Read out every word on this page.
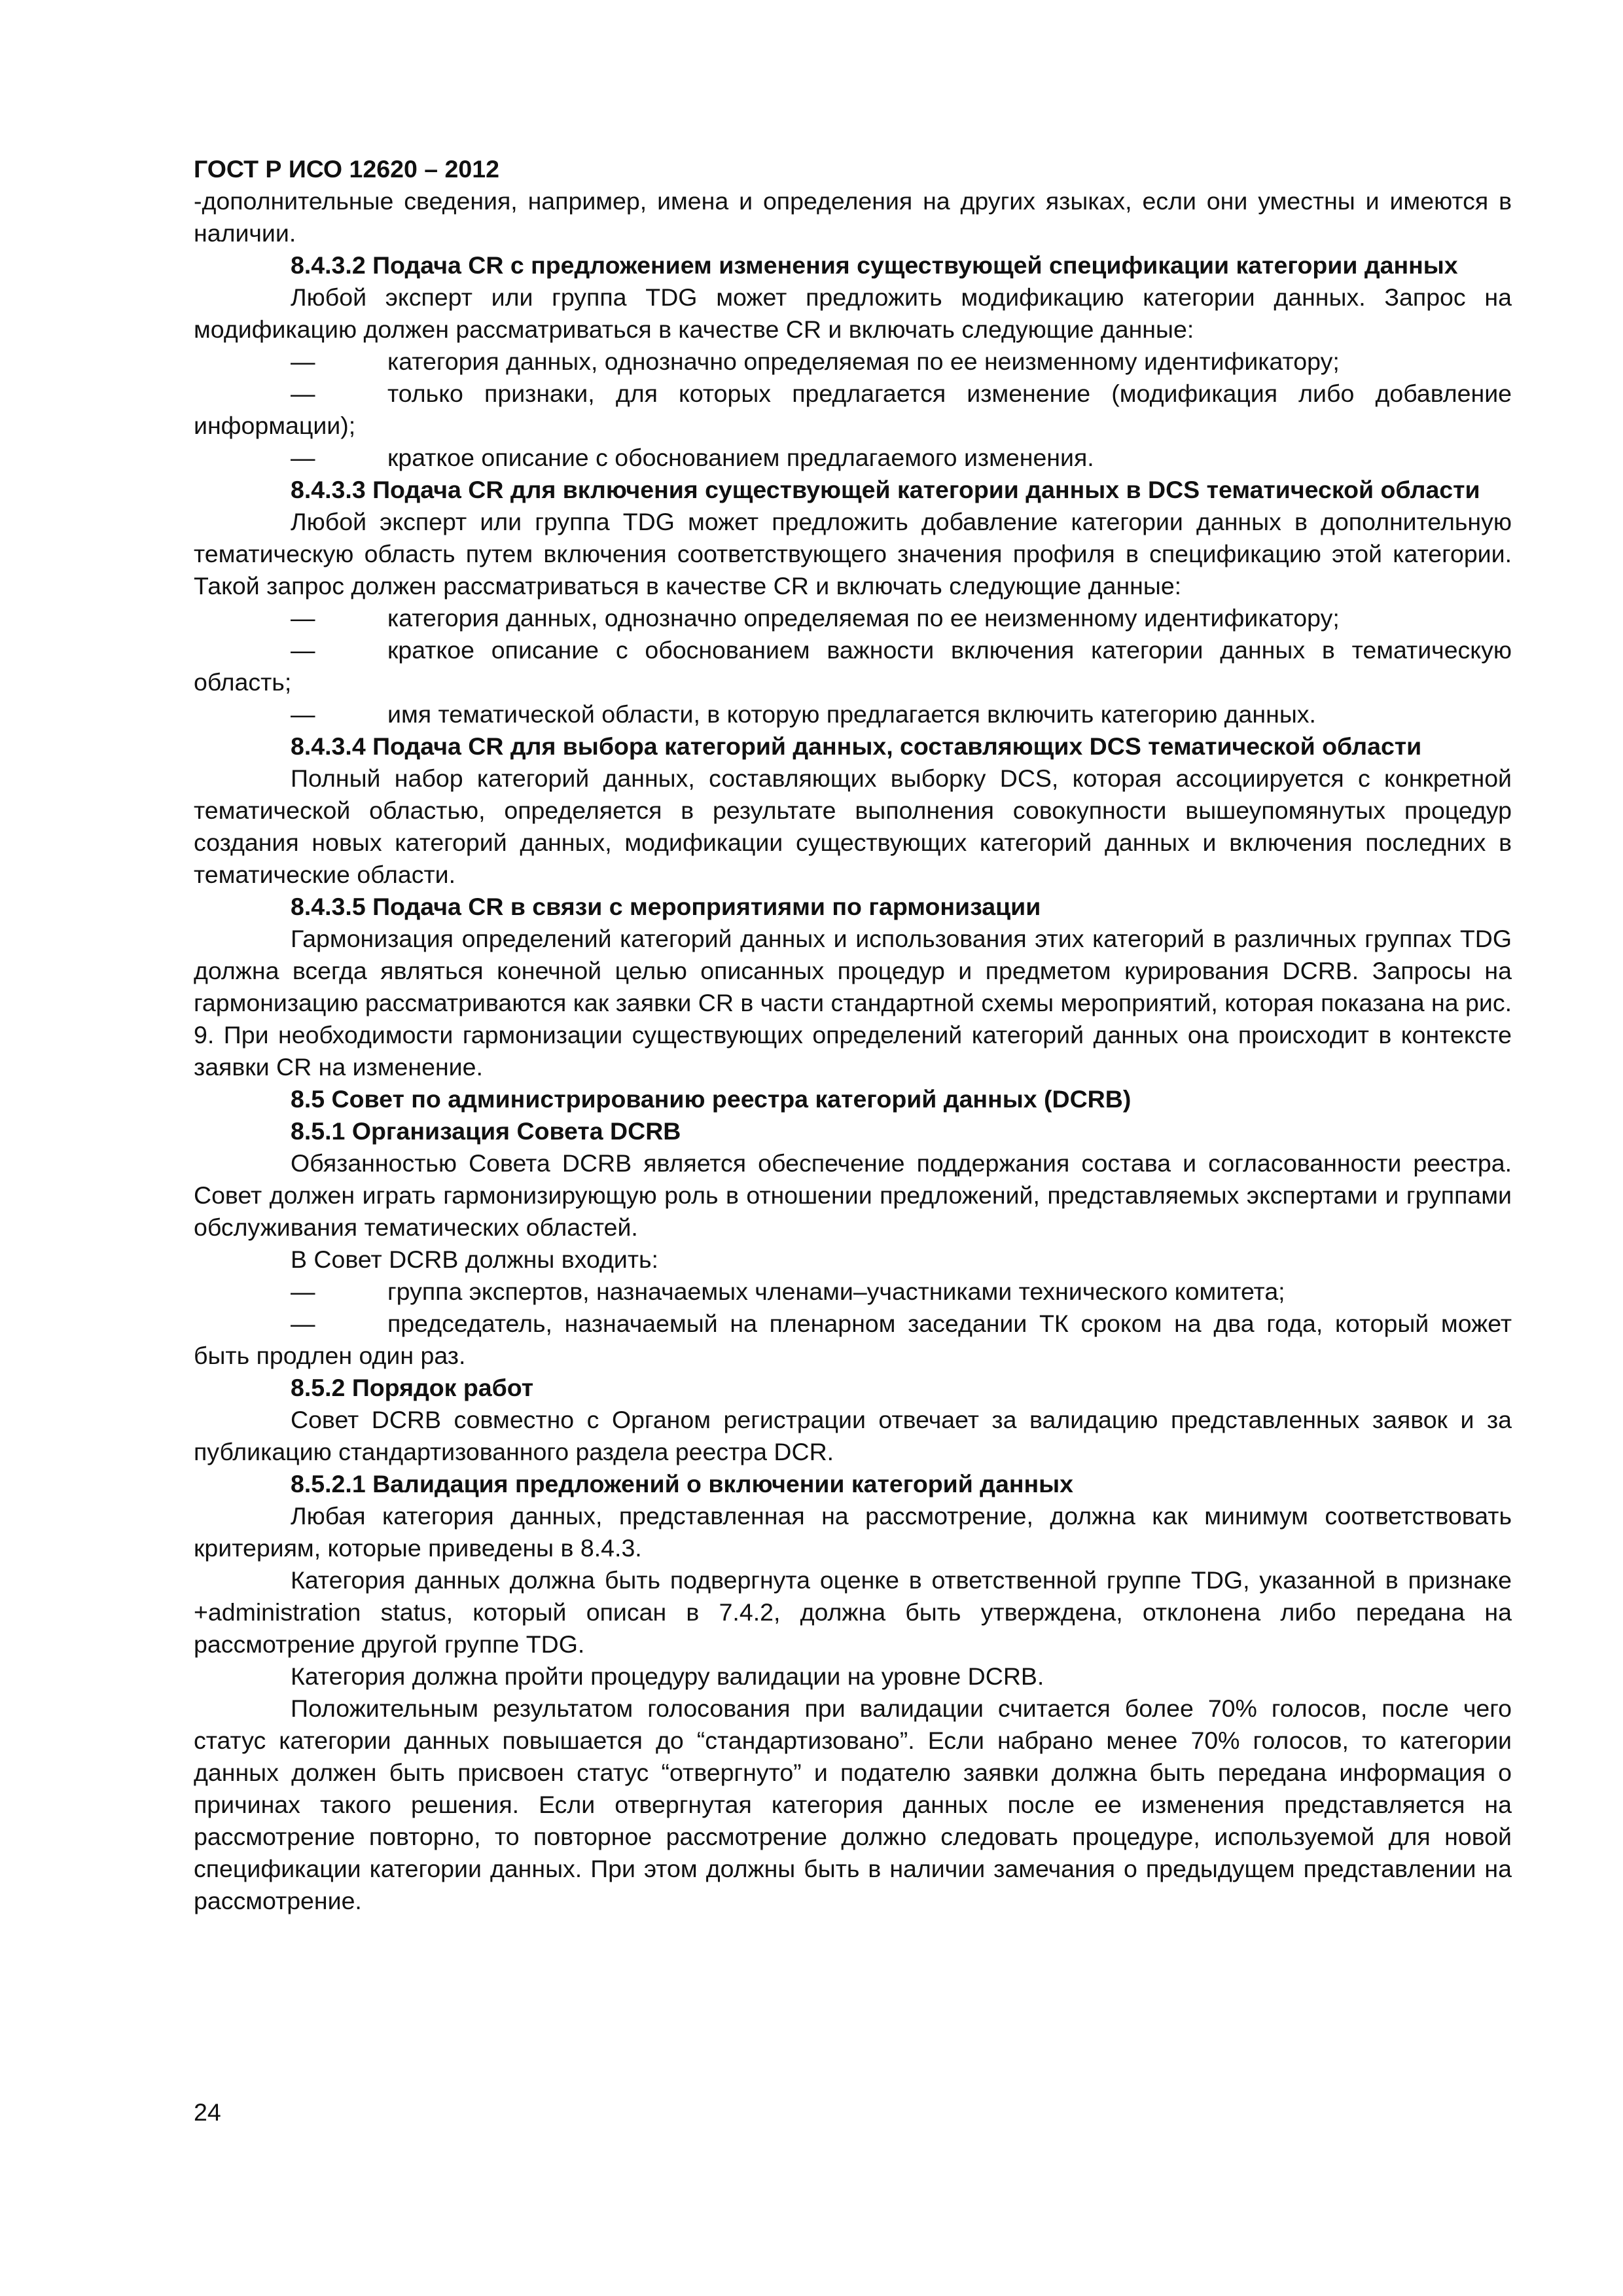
ГОСТ Р ИСО 12620 – 2012

-дополнительные сведения, например, имена и определения на других языках, если они уместны и имеются в наличии.

8.4.3.2 Подача CR с предложением изменения существующей спецификации категории данных

Любой эксперт или группа TDG может предложить модификацию категории данных. Запрос на модификацию должен рассматриваться в качестве CR и включать следующие данные:

—	категория данных, однозначно определяемая по ее неизменному идентификатору;

—	только признаки, для которых предлагается изменение (модификация либо добавление информации);

—	краткое описание с обоснованием предлагаемого изменения.

8.4.3.3 Подача CR для включения существующей категории данных в DCS тематической области

Любой эксперт или группа TDG может предложить добавление категории данных в дополнительную тематическую область путем включения соответствующего значения профиля в спецификацию этой категории. Такой запрос должен рассматриваться в качестве CR и включать следующие данные:

—	категория данных, однозначно определяемая по ее неизменному идентификатору;

—	краткое описание с обоснованием важности включения категории данных в тематическую область;

—	имя тематической области, в которую предлагается включить категорию данных.

8.4.3.4 Подача CR для выбора категорий данных, составляющих DCS тематической области

Полный набор категорий данных, составляющих выборку DCS, которая ассоциируется с конкретной тематической областью, определяется в результате выполнения совокупности вышеупомянутых процедур создания новых категорий данных, модификации существующих категорий данных и включения последних в тематические области.

8.4.3.5 Подача CR в связи с мероприятиями по гармонизации

Гармонизация определений категорий данных и использования этих категорий в различных группах TDG должна всегда являться конечной целью описанных процедур и предметом курирования DCRB. Запросы на гармонизацию рассматриваются как заявки CR в части стандартной схемы мероприятий, которая показана на рис. 9. При необходимости гармонизации существующих определений категорий данных она происходит в контексте заявки CR на изменение.

8.5 Совет по администрированию реестра категорий данных (DCRB)

8.5.1 Организация Совета DCRB

Обязанностью Совета DCRB является обеспечение поддержания состава и согласованности реестра. Совет должен играть гармонизирующую роль в отношении предложений, представляемых экспертами и группами обслуживания тематических областей.

В Совет DCRB должны входить:

—	группа экспертов, назначаемых членами–участниками технического комитета;

—	председатель, назначаемый на пленарном заседании ТК сроком на два года, который может быть продлен один раз.

8.5.2 Порядок работ

Совет DCRB совместно с Органом регистрации отвечает за валидацию представленных заявок и за публикацию стандартизованного раздела реестра DCR.

8.5.2.1 Валидация предложений о включении категорий данных

Любая категория данных, представленная на рассмотрение, должна как минимум соответствовать критериям, которые приведены в 8.4.3.

Категория данных должна быть подвергнута оценке в ответственной группе TDG, указанной в признаке +administration status, который описан в 7.4.2, должна быть утверждена, отклонена либо передана на рассмотрение другой группе TDG.

Категория должна пройти процедуру валидации на уровне DCRB.

Положительным результатом голосования при валидации считается более 70% голосов, после чего статус категории данных повышается до “стандартизовано”. Если набрано менее 70% голосов, то категории данных должен быть присвоен статус “отвергнуто” и подателю заявки должна быть передана информация о причинах такого решения. Если отвергнутая категория данных после ее изменения представляется на рассмотрение повторно, то повторное рассмотрение должно следовать процедуре, используемой для новой спецификации категории данных. При этом должны быть в наличии замечания о предыдущем представлении на рассмотрение.

24
